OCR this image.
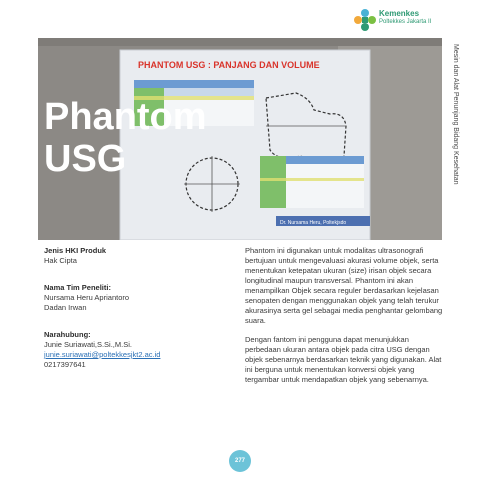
Kemenkes
Poltekkes Jakarta II
PHANTOM USG : PANJANG DAN VOLUME
Dr. Nursama Heru, Poltekjsdo
Phantom
USG	Mesin dan Alat Penunjang Bidang Kesehatan
Jenis HKI Produk
Hak Cipta
Nama Tim Peneliti:
Nursama Heru Apriantoro
Dadan Irwan
Narahubung:
Junie Suriawati,S.Si.,M.Si.
junie.suriawati@poltekkesjkt2.ac.id
0217397641

Phantom ini digunakan untuk modalitas ultrasonografi bertujuan untuk mengevaluasi akurasi volume objek, serta menentukan ketepatan ukuran (size) irisan objek secara longitudinal maupun transversal. Phantom ini akan menampilkan Objek secara reguler berdasarkan kejelasan senopaten dengan menggunakan objek yang telah terukur akurasinya serta gel sebagai media penghantar gelombang suara.

Dengan fantom ini pengguna dapat menunjukkan perbedaan ukuran antara objek pada citra USG dengan objek sebenarnya berdasarkan teknik yang digunakan. Alat ini berguna untuk menentukan konversi objek yang tergambar untuk mendapatkan objek yang sebenarnya.

277
